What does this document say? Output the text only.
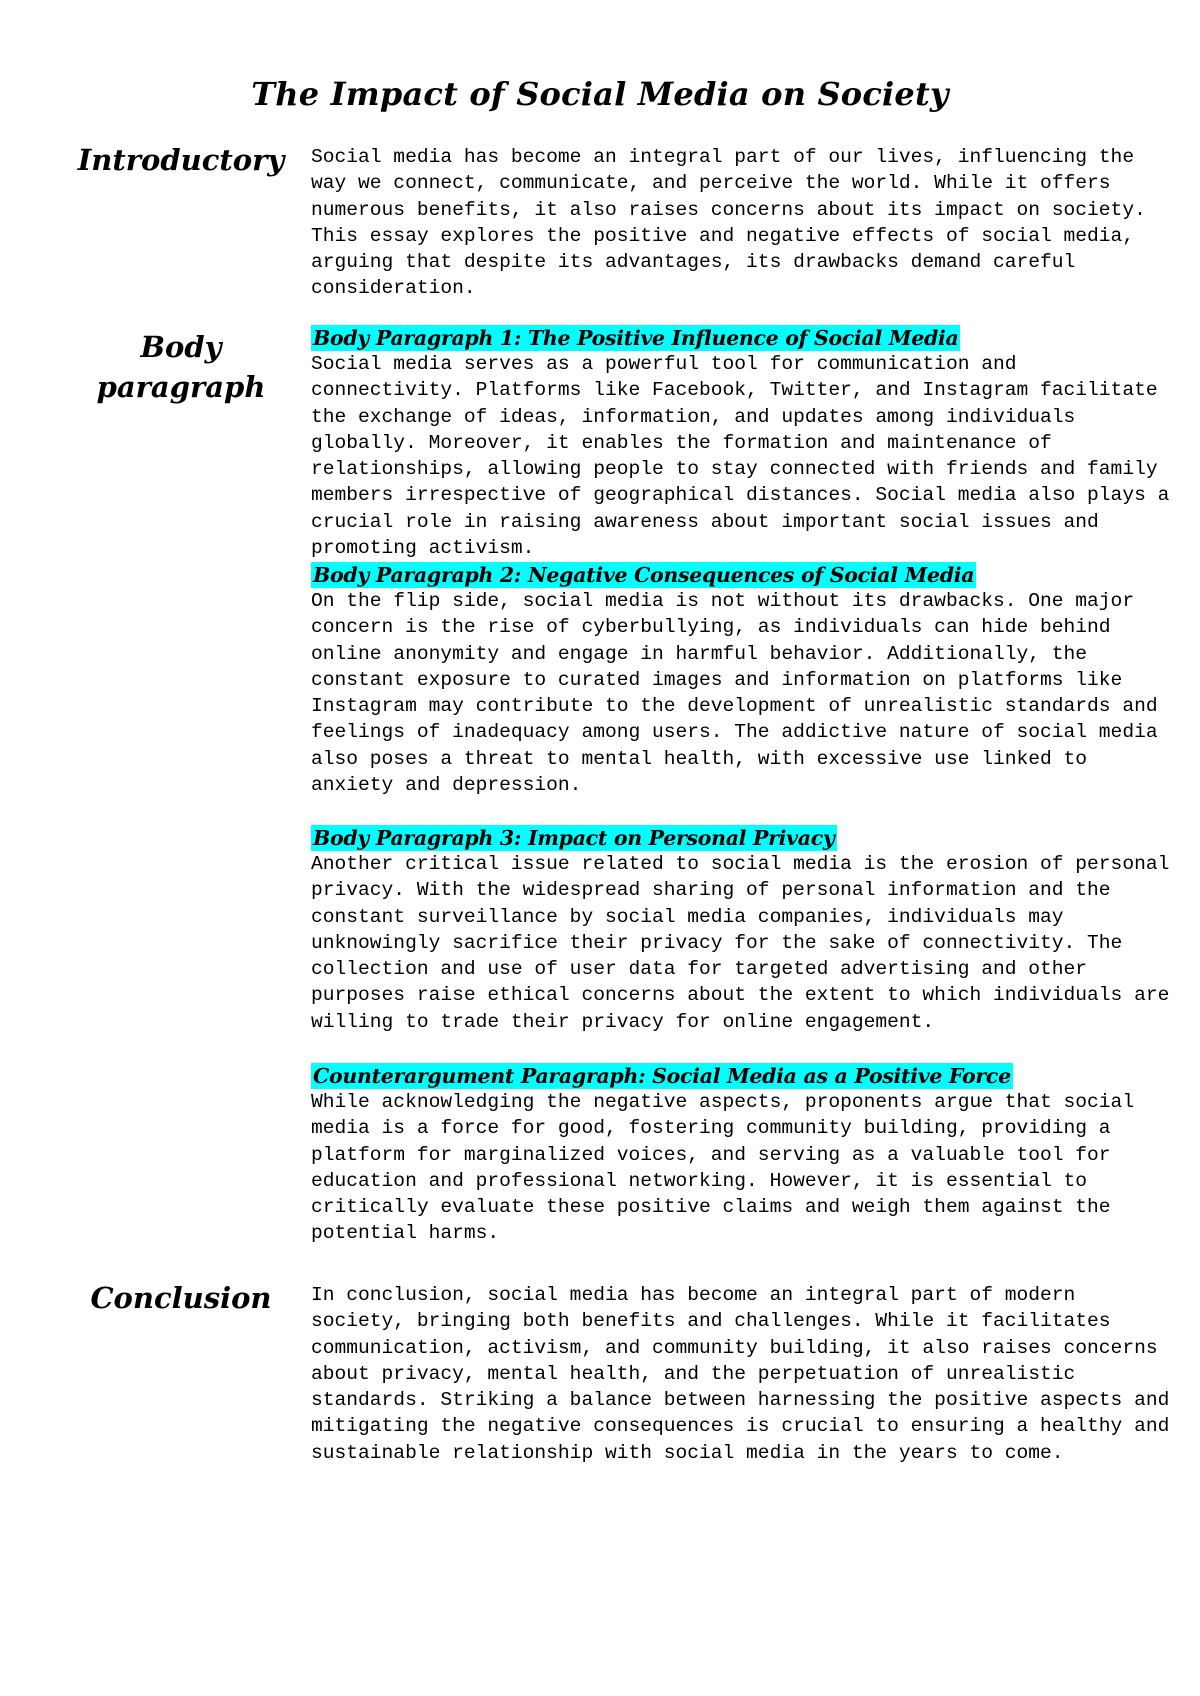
The Impact of Social Media on Society
Introductory	Social media has become an integral part of our lives, influencing the way we connect, communicate, and perceive the world. While it offers numerous benefits, it also raises concerns about its impact on society. This essay explores the positive and negative effects of social media, arguing that despite its advantages, its drawbacks demand careful consideration.

Body
paragraph
Body Paragraph 1: The Positive Influence of Social Media

Social media serves as a powerful tool for communication and connectivity. Platforms like Facebook, Twitter, and Instagram facilitate the exchange of ideas, information, and updates among individuals globally. Moreover, it enables the formation and maintenance of relationships, allowing people to stay connected with friends and family members irrespective of geographical distances. Social media also plays a crucial role in raising awareness about important social issues and promoting activism.

Body Paragraph 2: Negative Consequences of Social Media

On the flip side, social media is not without its drawbacks. One major concern is the rise of cyberbullying, as individuals can hide behind online anonymity and engage in harmful behavior. Additionally, the constant exposure to curated images and information on platforms like Instagram may contribute to the development of unrealistic standards and feelings of inadequacy among users. The addictive nature of social media also poses a threat to mental health, with excessive use linked to anxiety and depression.

Body Paragraph 3: Impact on Personal Privacy

Another critical issue related to social media is the erosion of personal privacy. With the widespread sharing of personal information and the constant surveillance by social media companies, individuals may unknowingly sacrifice their privacy for the sake of connectivity. The collection and use of user data for targeted advertising and other purposes raise ethical concerns about the extent to which individuals are willing to trade their privacy for online engagement.

Counterargument Paragraph: Social Media as a Positive Force

While acknowledging the negative aspects, proponents argue that social media is a force for good, fostering community building, providing a platform for marginalized voices, and serving as a valuable tool for education and professional networking. However, it is essential to critically evaluate these positive claims and weigh them against the potential harms.

Conclusion	In conclusion, social media has become an integral part of modern society, bringing both benefits and challenges. While it facilitates communication, activism, and community building, it also raises concerns about privacy, mental health, and the perpetuation of unrealistic standards. Striking a balance between harnessing the positive aspects and mitigating the negative consequences is crucial to ensuring a healthy and sustainable relationship with social media in the years to come.
